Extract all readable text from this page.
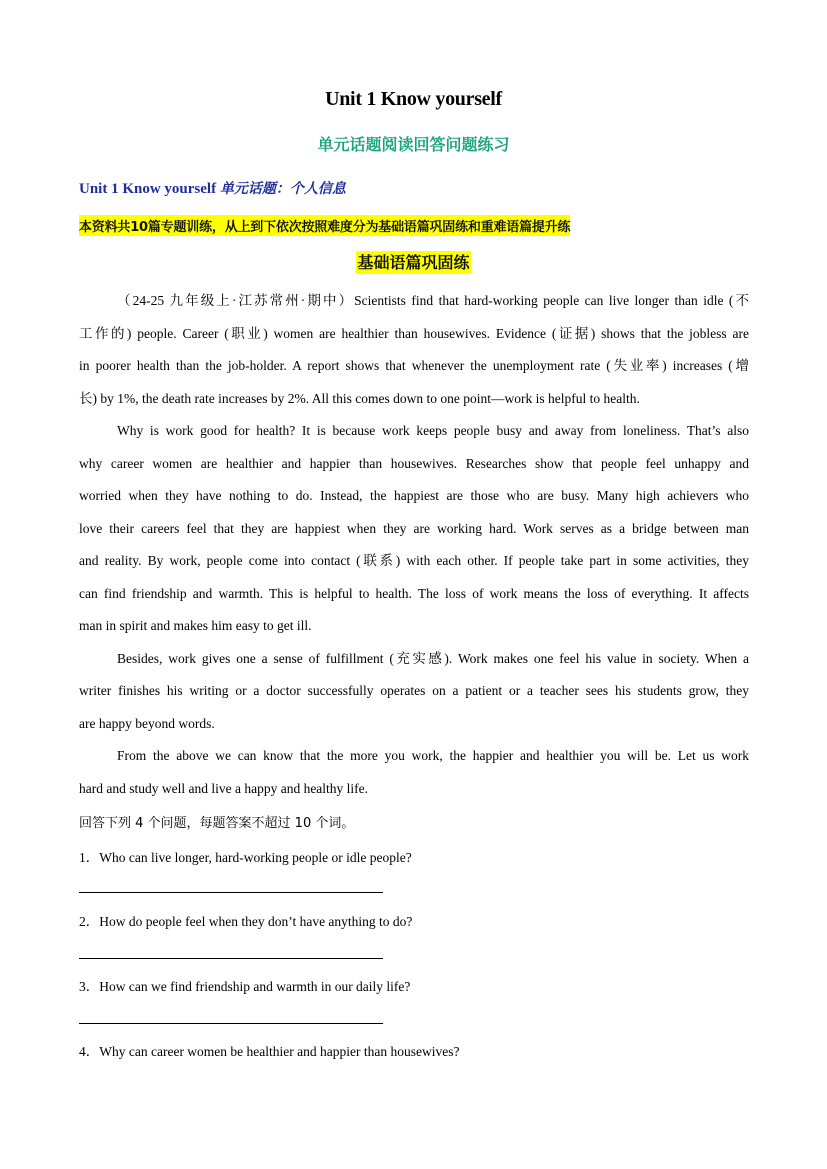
Unit 1 Know yourself
单元话题阅读回答问题练习
Unit 1 Know yourself 单元话题：个人信息
本资料共10篇专题训练，从上到下依次按照难度分为基础语篇巩固练和重难语篇提升练
基础语篇巩固练
（24-25 九年级上·江苏常州·期中）Scientists find that hard-working people can live longer than idle (不
工作的) people. Career (职业) women are healthier than housewives. Evidence (证据) shows that the jobless are
in poorer health than the job-holder. A report shows that whenever the unemployment rate (失业率) increases (增
长) by 1%, the death rate increases by 2%. All this comes down to one point—work is helpful to health.
Why is work good for health? It is because work keeps people busy and away from loneliness. That’s also
why career women are healthier and happier than housewives. Researches show that people feel unhappy and
worried when they have nothing to do. Instead, the happiest are those who are busy. Many high achievers who
love their careers feel that they are happiest when they are working hard. Work serves as a bridge between man
and reality. By work, people come into contact (联系) with each other. If people take part in some activities, they
can find friendship and warmth. This is helpful to health. The loss of work means the loss of everything. It affects
man in spirit and makes him easy to get ill.
Besides, work gives one a sense of fulfillment (充实感). Work makes one feel his value in society. When a
writer finishes his writing or a doctor successfully operates on a patient or a teacher sees his students grow, they
are happy beyond words.
From the above we can know that the more you work, the happier and healthier you will be. Let us work
hard and study well and live a happy and healthy life.
回答下列 4 个问题，每题答案不超过 10 个词。
1．Who can live longer, hard-working people or idle people?
2．How do people feel when they don’t have anything to do?
3．How can we find friendship and warmth in our daily life?
4．Why can career women be healthier and happier than housewives?
